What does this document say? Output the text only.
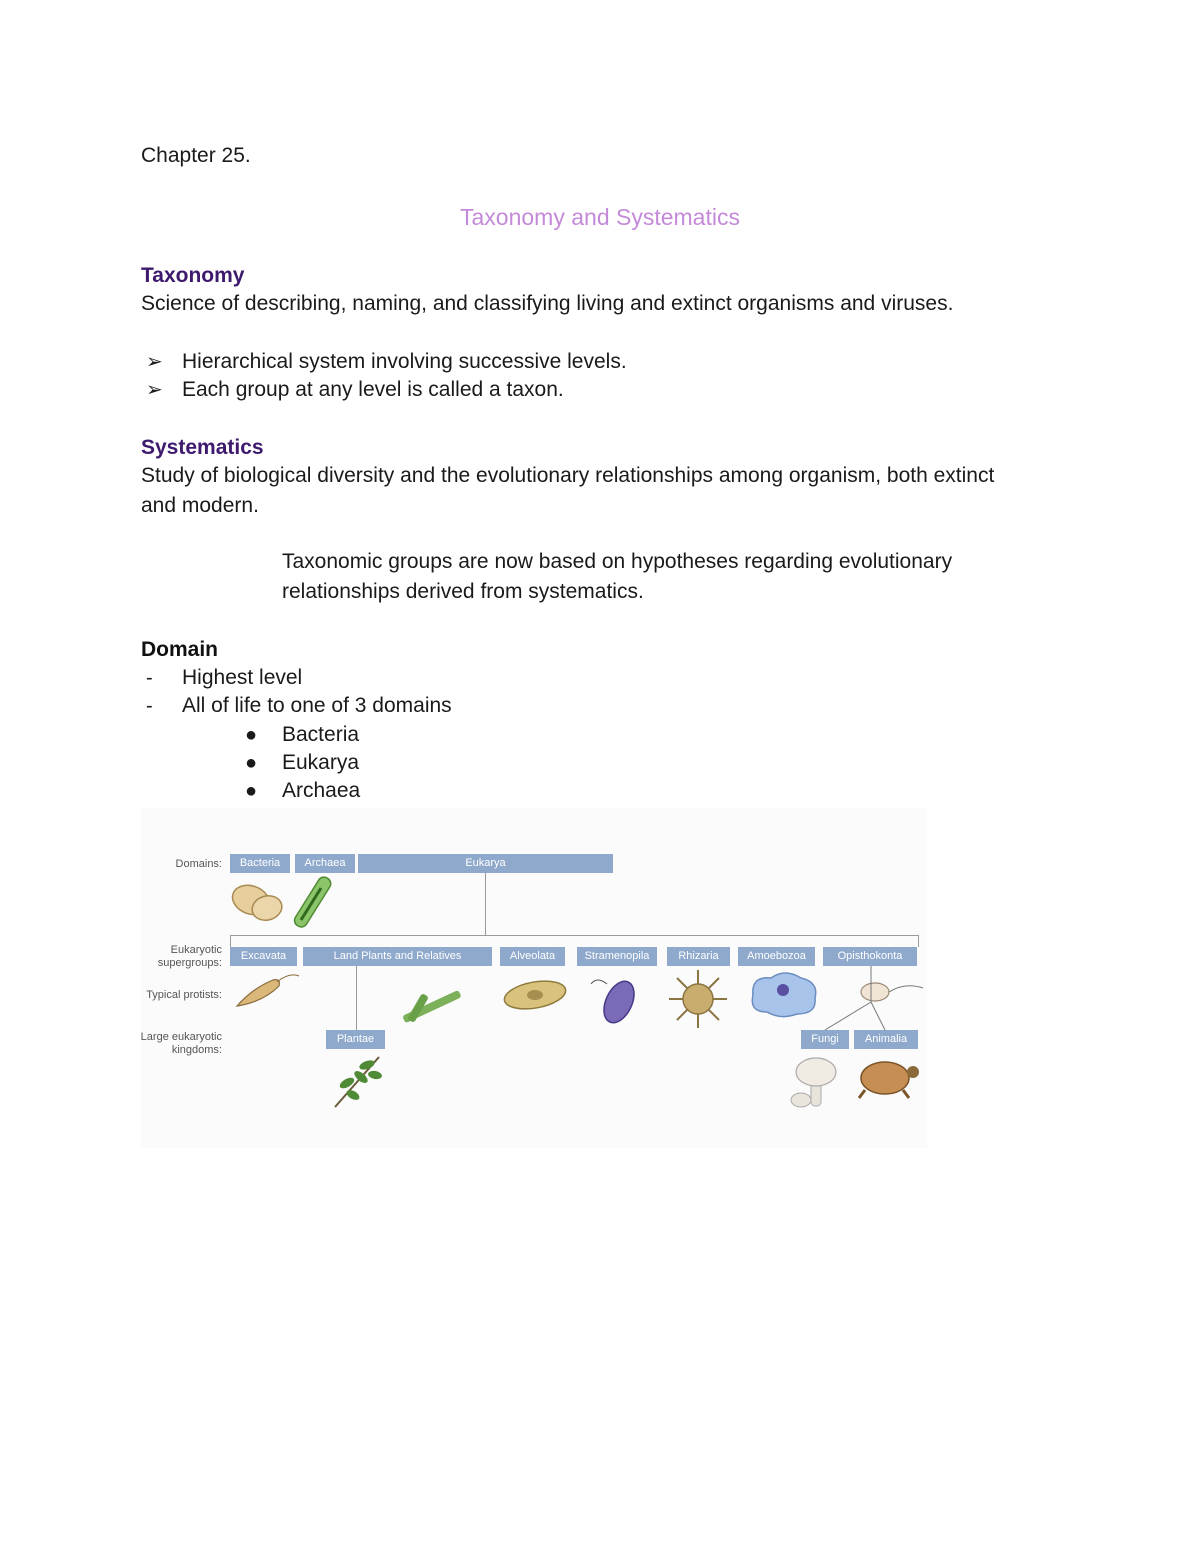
Chapter 25.
Taxonomy and Systematics
Taxonomy
Science of describing, naming, and classifying living and extinct organisms and viruses.
➢ Hierarchical system involving successive levels.
➢ Each group at any level is called a taxon.
Systematics
Study of biological diversity and the evolutionary relationships among organism, both extinct
and modern.
Taxonomic groups are now based on hypotheses regarding evolutionary
relationships derived from systematics.
Domain
- Highest level
- All of life to one of 3 domains
● Bacteria
● Eukarya
● Archaea
Domains:
Eukaryotic
supergroups:
Typical protists:
Large eukaryotic
kingdoms:
Bacteria	Archaea	Eukarya
Excavata	Land Plants and Relatives	Alveolata	Stramenopila	Rhizaria	Amoebozoa	Opisthokonta
Plantae	Fungi	Animalia
